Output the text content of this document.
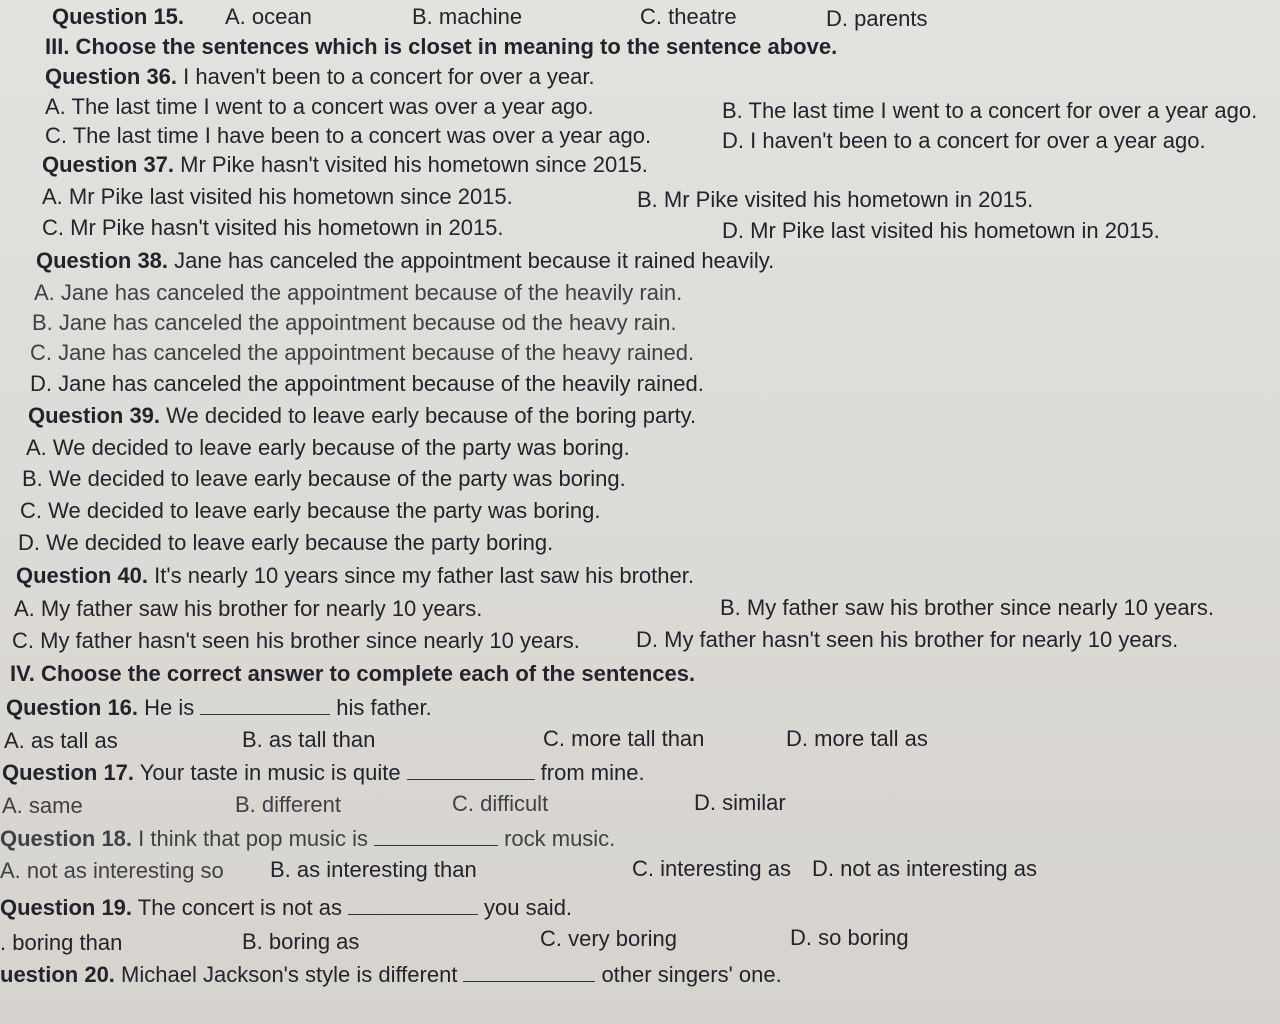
Question 15. A. ocean	B. machine	C. theatre	D. parents
III. Choose the sentences which is closet in meaning to the sentence above.
Question 36. I haven't been to a concert for over a year.
A. The last time I went to a concert was over a year ago.	B. The last time I went to a concert for over a year ago.
C. The last time I have been to a concert was over a year ago.	D. I haven't been to a concert for over a year ago.
Question 37. Mr Pike hasn't visited his hometown since 2015.
A. Mr Pike last visited his hometown since 2015.	B. Mr Pike visited his hometown in 2015.
C. Mr Pike hasn't visited his hometown in 2015.	D. Mr Pike last visited his hometown in 2015.
Question 38. Jane has canceled the appointment because it rained heavily.
A. Jane has canceled the appointment because of the heavily rain.
B. Jane has canceled the appointment because od the heavy rain.
C. Jane has canceled the appointment because of the heavy rained.
D. Jane has canceled the appointment because of the heavily rained.
Question 39. We decided to leave early because of the boring party.
A. We decided to leave early because of the party was boring.
B. We decided to leave early because of the party was boring.
C. We decided to leave early because the party was boring.
D. We decided to leave early because the party boring.
Question 40. It's nearly 10 years since my father last saw his brother.
A. My father saw his brother for nearly 10 years.	B. My father saw his brother since nearly 10 years.
C. My father hasn't seen his brother since nearly 10 years.	D. My father hasn't seen his brother for nearly 10 years.
IV. Choose the correct answer to complete each of the sentences.
Question 16. He is	his father.
A. as tall as	B. as tall than	C. more tall than	D. more tall as
Question 17. Your taste in music is quite	from mine.
A. same	B. different	C. difficult	D. similar
Question 18. I think that pop music is	rock music.
A. not as interesting so B. as interesting than	C. interesting as D. not as interesting as
Question 19. The concert is not as	you said.
. boring than	B. boring as	C. very boring	D. so boring
uestion 20. Michael Jackson's style is different	other singers' one.
